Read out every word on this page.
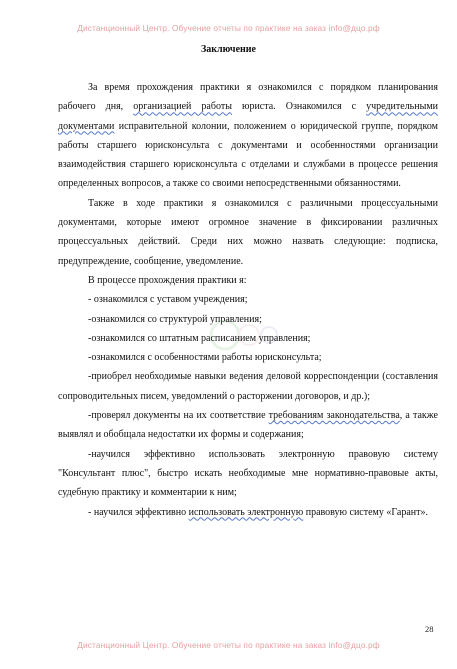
Дистанционный Центр. Обучение отчеты по практике на заказ info@дцо.рф
Заключение

За время прохождения практики я ознакомился с порядком планирования рабочего дня, организацией работы юриста. Ознакомился с учредительными документами исправительной колонии, положением о юридической группе, порядком работы старшего юрисконсульта с документами и особенностями организации взаимодействия старшего юрисконсульта с отделами и службами в процессе решения определенных вопросов, а также со своими непосредственными обязанностями.

Также в ходе практики я ознакомился с различными процессуальными документами, которые имеют огромное значение в фиксировании различных процессуальных действий. Среди них можно назвать следующие: подписка, предупреждение, сообщение, уведомление.

В процессе прохождения практики я:

- ознакомился с уставом учреждения;

-ознакомился со структурой управления;

-ознакомился со штатным расписанием управления;

-ознакомился с особенностями работы юрисконсульта;

-приобрел необходимые навыки ведения деловой корреспонденции (составления сопроводительных писем, уведомлений о расторжении договоров, и др.);

-проверял документы на их соответствие требованиям законодательства, а также выявлял и обобщала недостатки их формы и содержания;

-научился эффективно использовать электронную правовую систему "Консультант плюс", быстро искать необходимые мне нормативно-правовые акты, судебную практику и комментарии к ним;

- научился эффективно использовать электронную правовую систему «Гарант».

28
Дистанционный Центр. Обучение отчеты по практике на заказ info@дцо.рф
